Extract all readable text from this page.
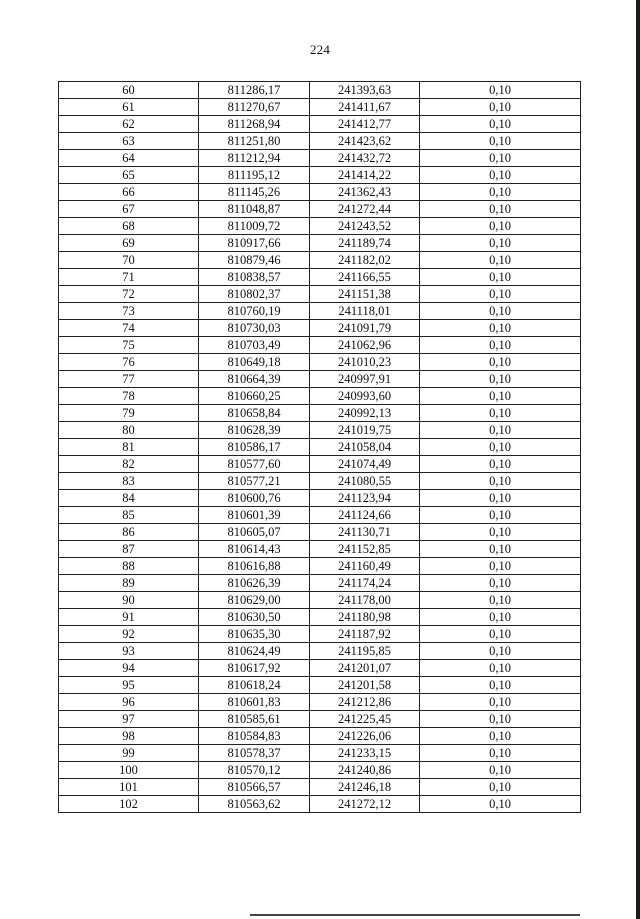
224
60	811286,17	241393,63	0,10
61	811270,67	241411,67	0,10
62	811268,94	241412,77	0,10
63	811251,80	241423,62	0,10
64	811212,94	241432,72	0,10
65	811195,12	241414,22	0,10
66	811145,26	241362,43	0,10
67	811048,87	241272,44	0,10
68	811009,72	241243,52	0,10
69	810917,66	241189,74	0,10
70	810879,46	241182,02	0,10
71	810838,57	241166,55	0,10
72	810802,37	241151,38	0,10
73	810760,19	241118,01	0,10
74	810730,03	241091,79	0,10
75	810703,49	241062,96	0,10
76	810649,18	241010,23	0,10
77	810664,39	240997,91	0,10
78	810660,25	240993,60	0,10
79	810658,84	240992,13	0,10
80	810628,39	241019,75	0,10
81	810586,17	241058,04	0,10
82	810577,60	241074,49	0,10
83	810577,21	241080,55	0,10
84	810600,76	241123,94	0,10
85	810601,39	241124,66	0,10
86	810605,07	241130,71	0,10
87	810614,43	241152,85	0,10
88	810616,88	241160,49	0,10
89	810626,39	241174,24	0,10
90	810629,00	241178,00	0,10
91	810630,50	241180,98	0,10
92	810635,30	241187,92	0,10
93	810624,49	241195,85	0,10
94	810617,92	241201,07	0,10
95	810618,24	241201,58	0,10
96	810601,83	241212,86	0,10
97	810585,61	241225,45	0,10
98	810584,83	241226,06	0,10
99	810578,37	241233,15	0,10
100	810570,12	241240,86	0,10
101	810566,57	241246,18	0,10
102	810563,62	241272,12	0,10
